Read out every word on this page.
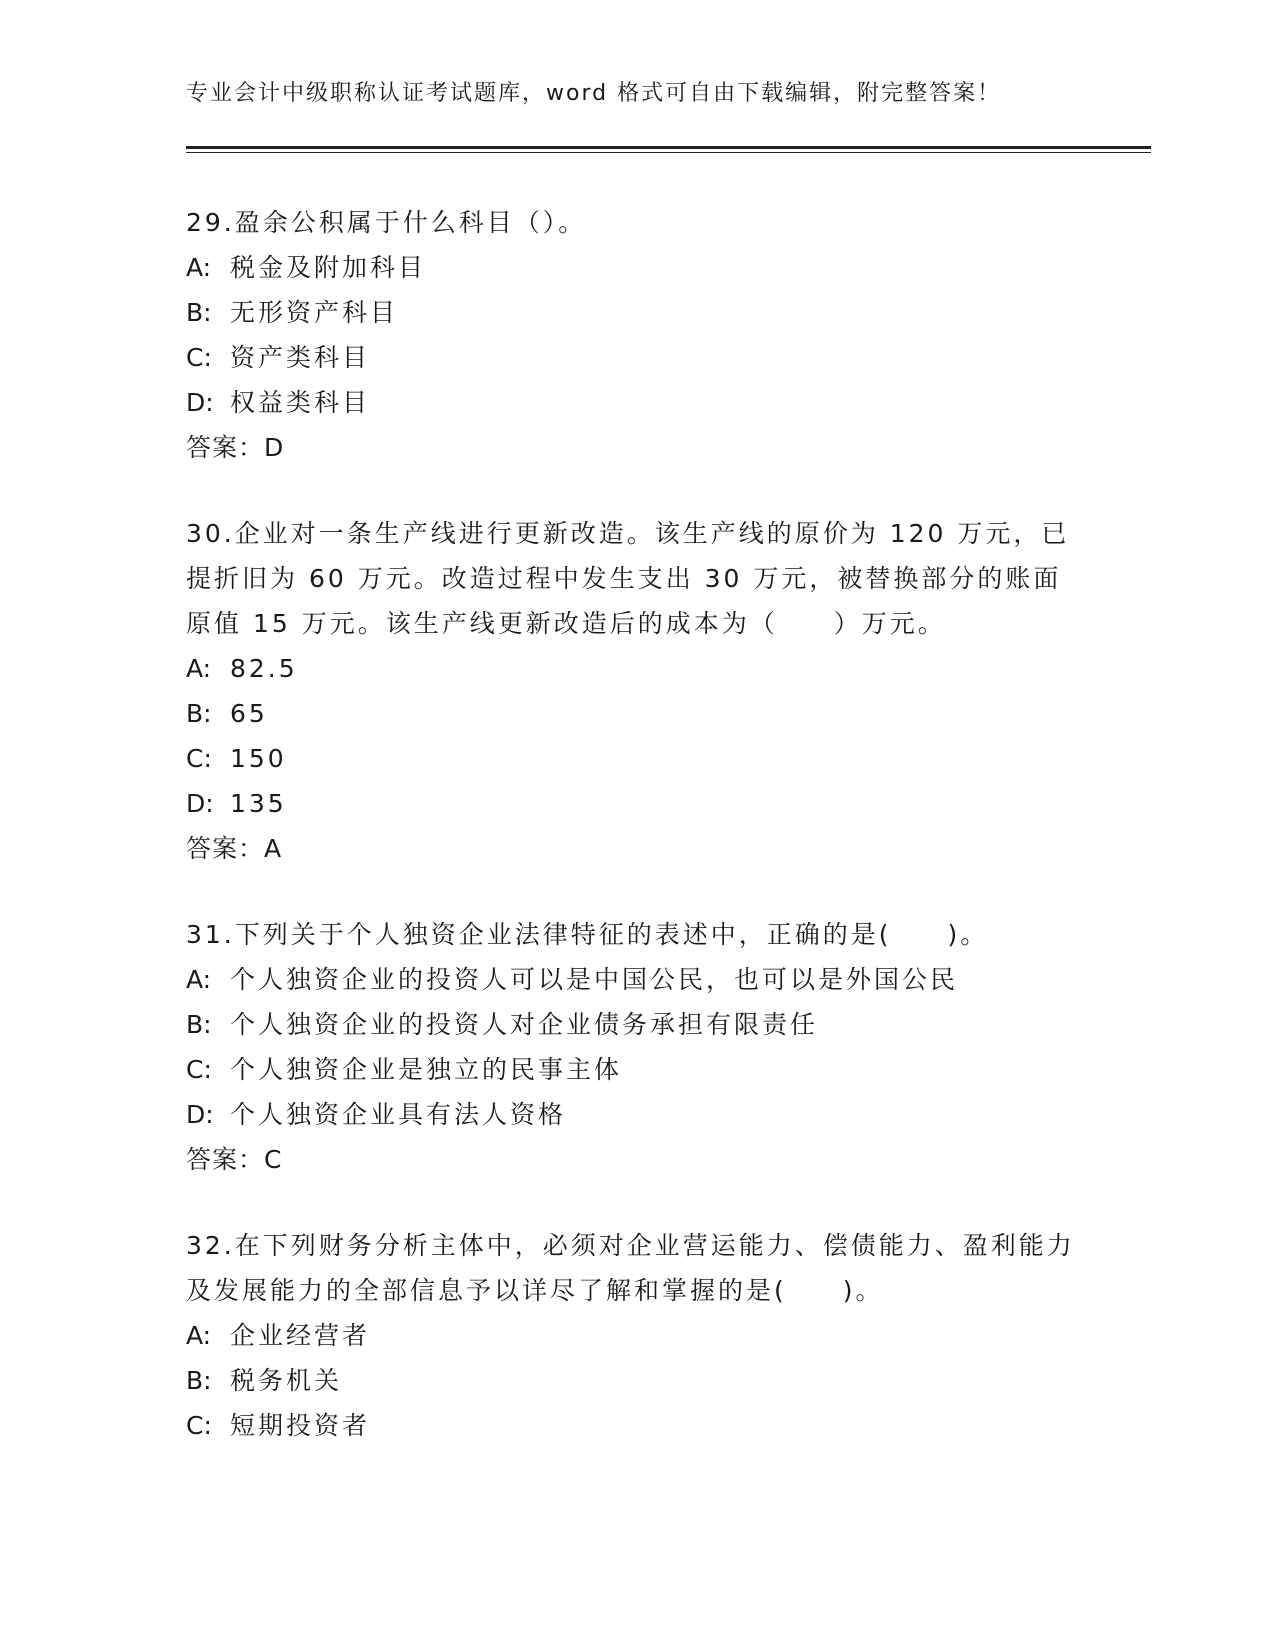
专业会计中级职称认证考试题库，word 格式可自由下载编辑，附完整答案！

29.盈余公积属于什么科目（）。

A: 税金及附加科目

B: 无形资产科目

C: 资产类科目

D: 权益类科目

答案：D

30.企业对一条生产线进行更新改造。该生产线的原价为 120 万元，已提折旧为 60 万元。改造过程中发生支出 30 万元，被替换部分的账面原值 15 万元。该生产线更新改造后的成本为（　　）万元。

A: 82.5

B: 65

C: 150

D: 135

答案：A

31.下列关于个人独资企业法律特征的表述中，正确的是(　　)。

A: 个人独资企业的投资人可以是中国公民，也可以是外国公民

B: 个人独资企业的投资人对企业债务承担有限责任

C: 个人独资企业是独立的民事主体

D: 个人独资企业具有法人资格

答案：C

32.在下列财务分析主体中，必须对企业营运能力、偿债能力、盈利能力及发展能力的全部信息予以详尽了解和掌握的是(　　)。

A: 企业经营者

B: 税务机关

C: 短期投资者
